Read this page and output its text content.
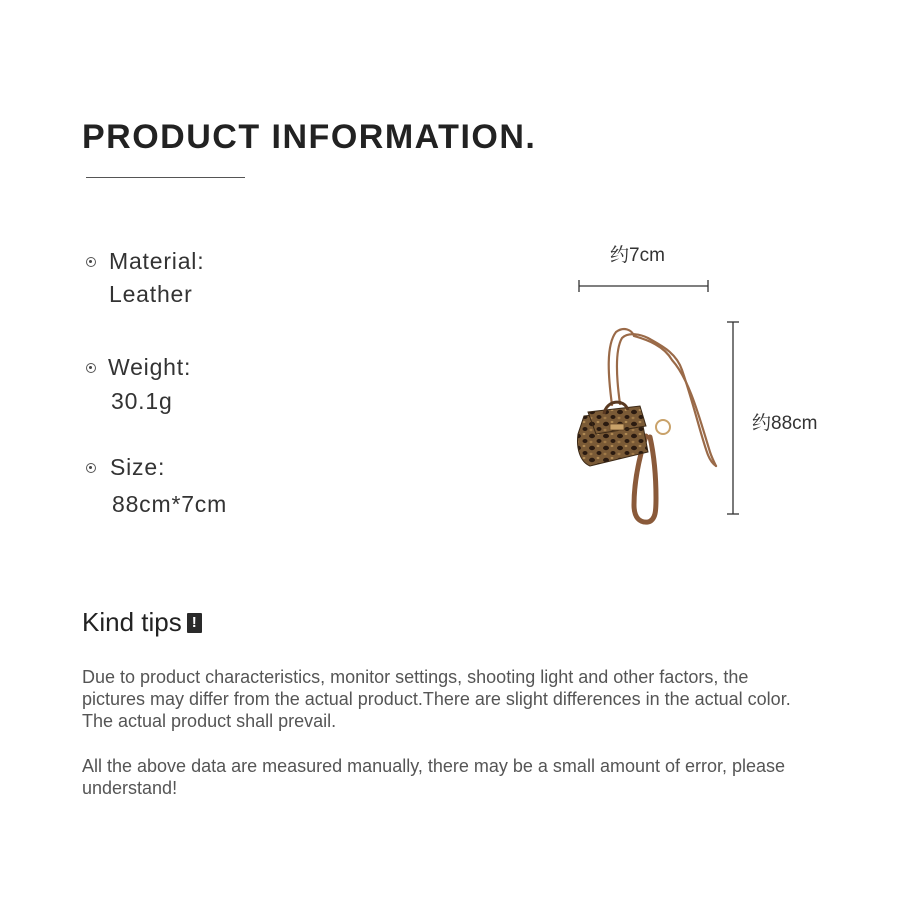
PRODUCT INFORMATION.
Material:
Leather
Weight:
30.1g
Size:
88cm*7cm
约7cm
约88cm
Kind tips !

Due to product characteristics, monitor settings, shooting light and other factors, the pictures may differ from the actual product.There are slight differences in the actual color. The actual product shall prevail.

All the above data are measured manually, there may be a small amount of error, please understand!
